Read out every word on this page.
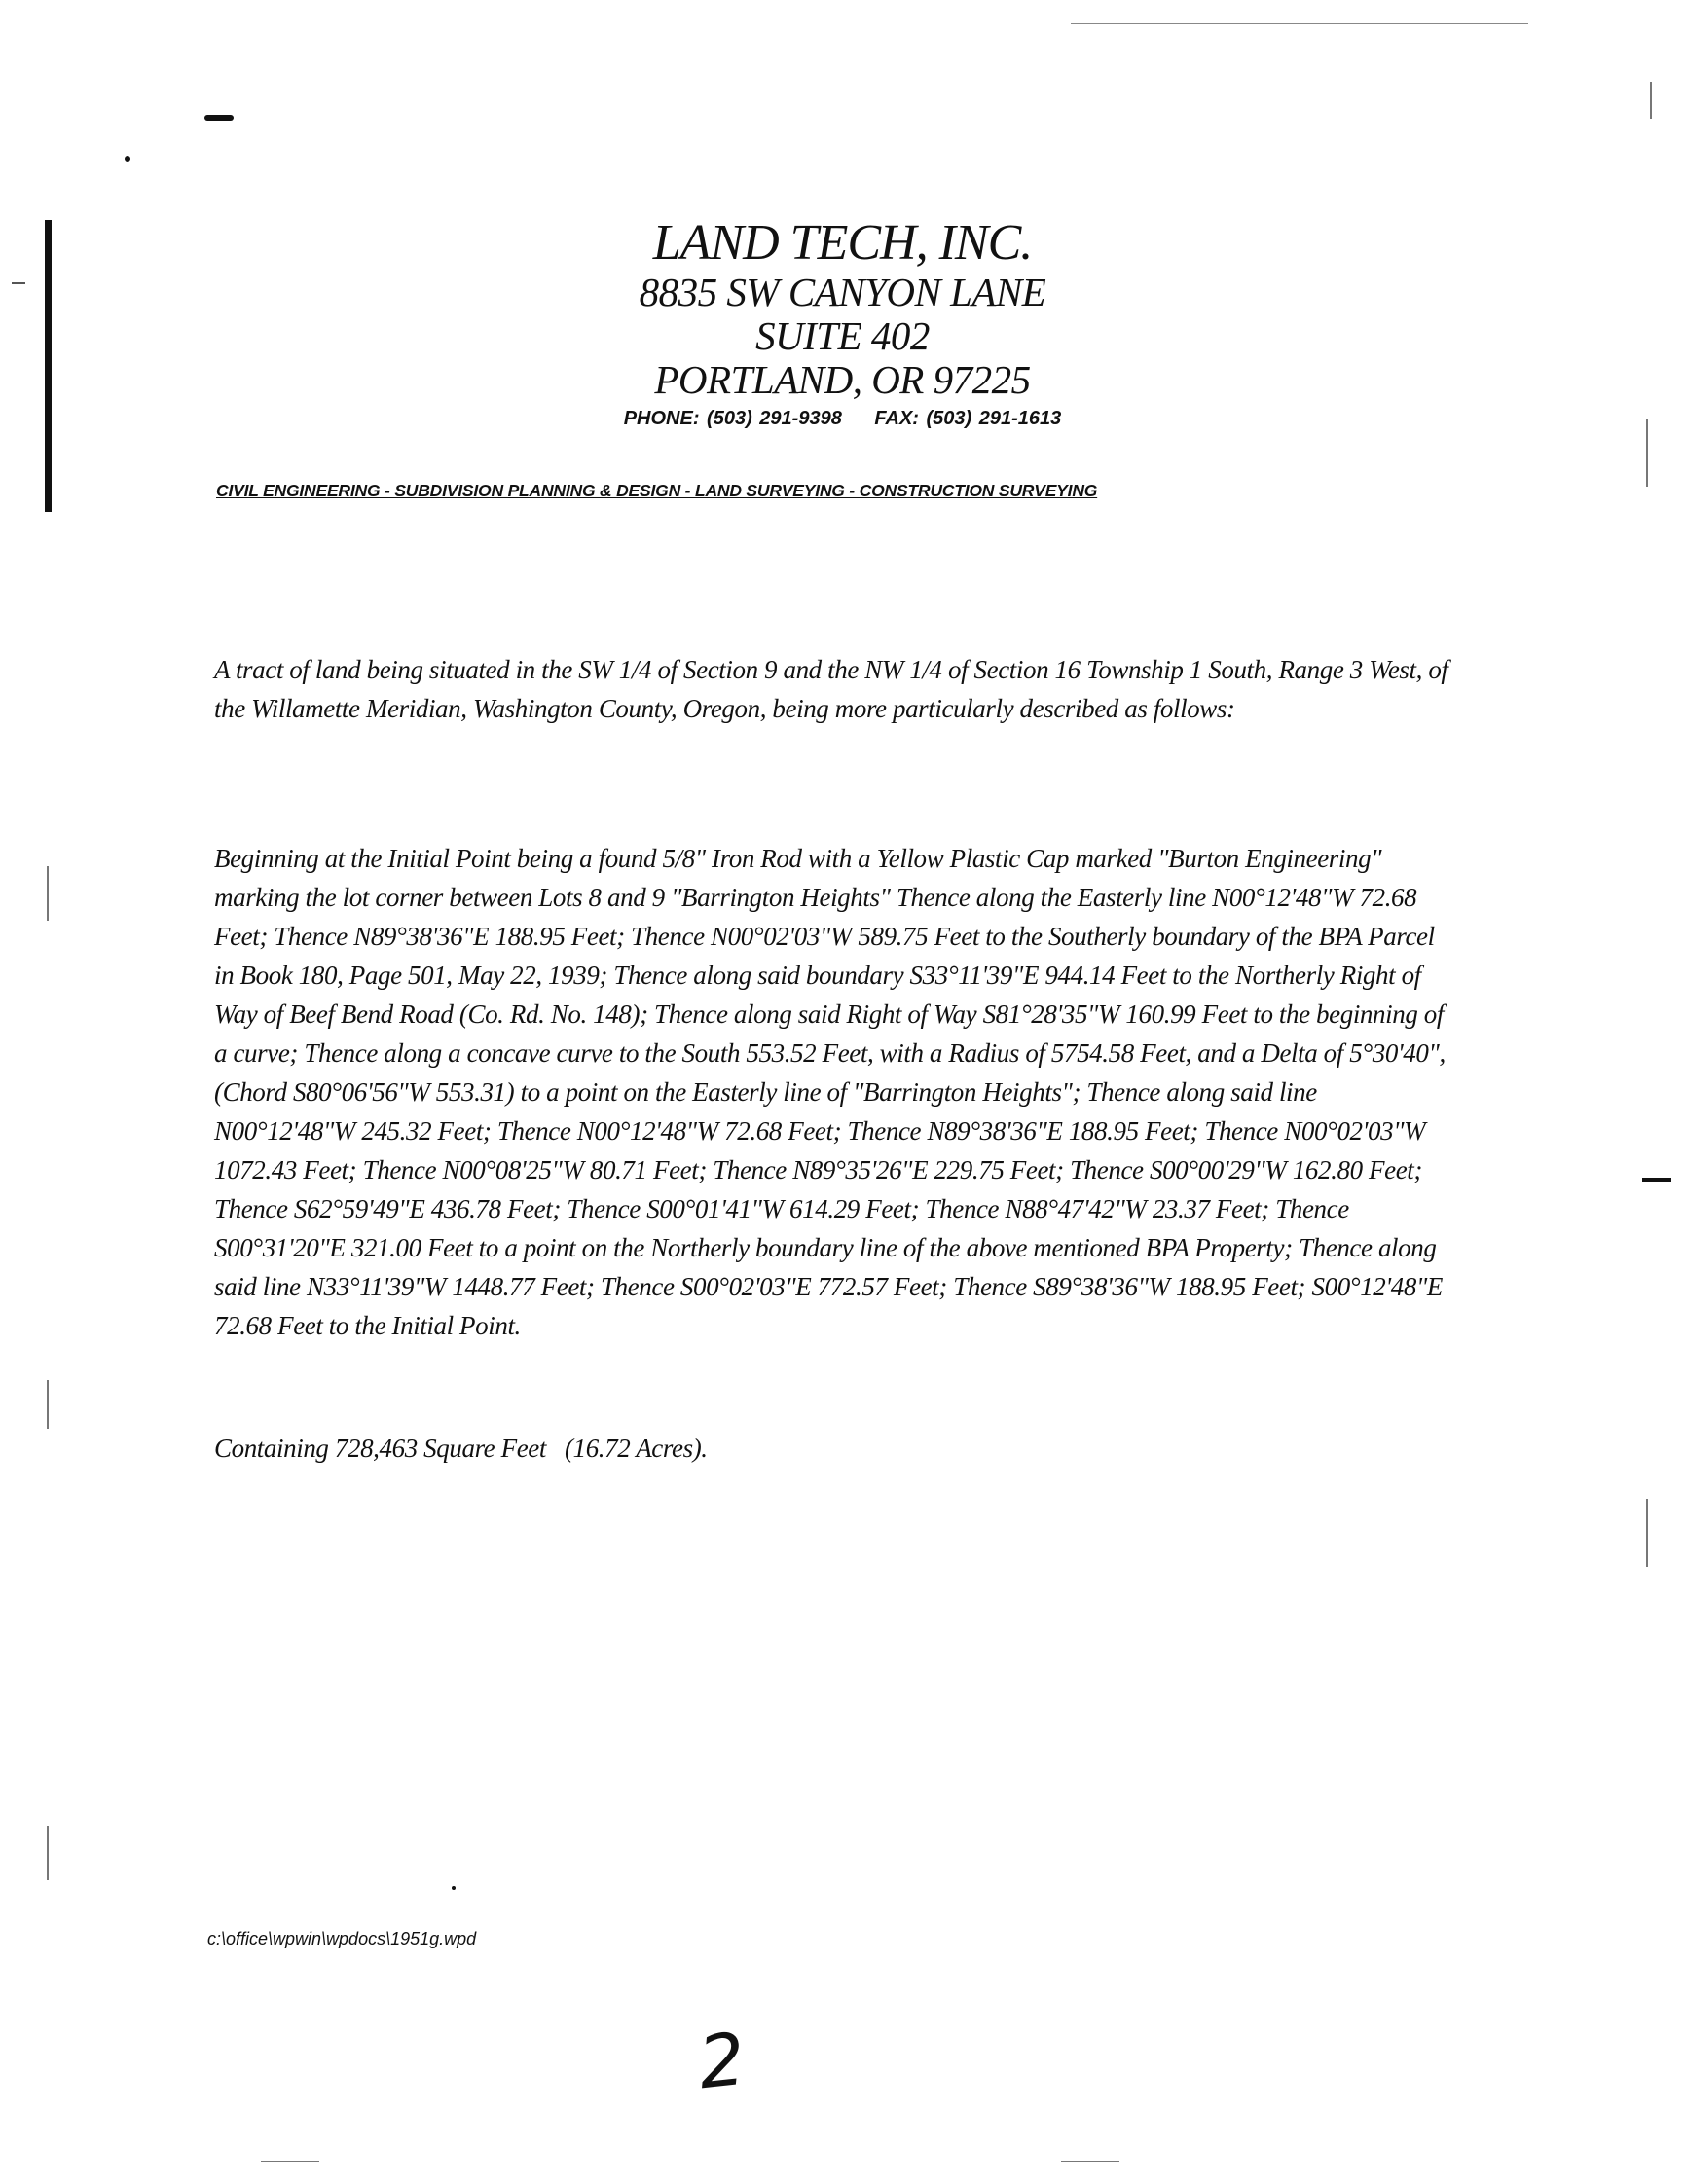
LAND TECH, INC.
8835 SW CANYON LANE
SUITE 402
PORTLAND, OR 97225
PHONE: (503) 291-9398 FAX: (503) 291-1613
CIVIL ENGINEERING - SUBDIVISION PLANNING & DESIGN - LAND SURVEYING - CONSTRUCTION SURVEYING

A tract of land being situated in the SW 1/4 of Section 9 and the NW 1/4 of Section 16 Township 1 South, Range 3 West, of the Willamette Meridian, Washington County, Oregon, being more particularly described as follows:

Beginning at the Initial Point being a found 5/8" Iron Rod with a Yellow Plastic Cap marked "Burton Engineering" marking the lot corner between Lots 8 and 9 "Barrington Heights" Thence along the Easterly line N00°12'48"W 72.68 Feet; Thence N89°38'36"E 188.95 Feet; Thence N00°02'03"W 589.75 Feet to the Southerly boundary of the BPA Parcel in Book 180, Page 501, May 22, 1939; Thence along said boundary S33°11'39"E 944.14 Feet to the Northerly Right of Way of Beef Bend Road (Co. Rd. No. 148); Thence along said Right of Way S81°28'35"W 160.99 Feet to the beginning of a curve; Thence along a concave curve to the South 553.52 Feet, with a Radius of 5754.58 Feet, and a Delta of 5°30'40", (Chord S80°06'56"W 553.31) to a point on the Easterly line of "Barrington Heights"; Thence along said line N00°12'48"W 245.32 Feet; Thence N00°12'48"W 72.68 Feet; Thence N89°38'36"E 188.95 Feet; Thence N00°02'03"W 1072.43 Feet; Thence N00°08'25"W 80.71 Feet; Thence N89°35'26"E 229.75 Feet; Thence S00°00'29"W 162.80 Feet; Thence S62°59'49"E 436.78 Feet; Thence S00°01'41"W 614.29 Feet; Thence N88°47'42"W 23.37 Feet; Thence S00°31'20"E 321.00 Feet to a point on the Northerly boundary line of the above mentioned BPA Property; Thence along said line N33°11'39"W 1448.77 Feet; Thence S00°02'03"E 772.57 Feet; Thence S89°38'36"W 188.95 Feet; S00°12'48"E 72.68 Feet to the Initial Point.

Containing 728,463 Square Feet   (16.72 Acres).

c:\office\wpwin\wpdocs\1951g.wpd
2
